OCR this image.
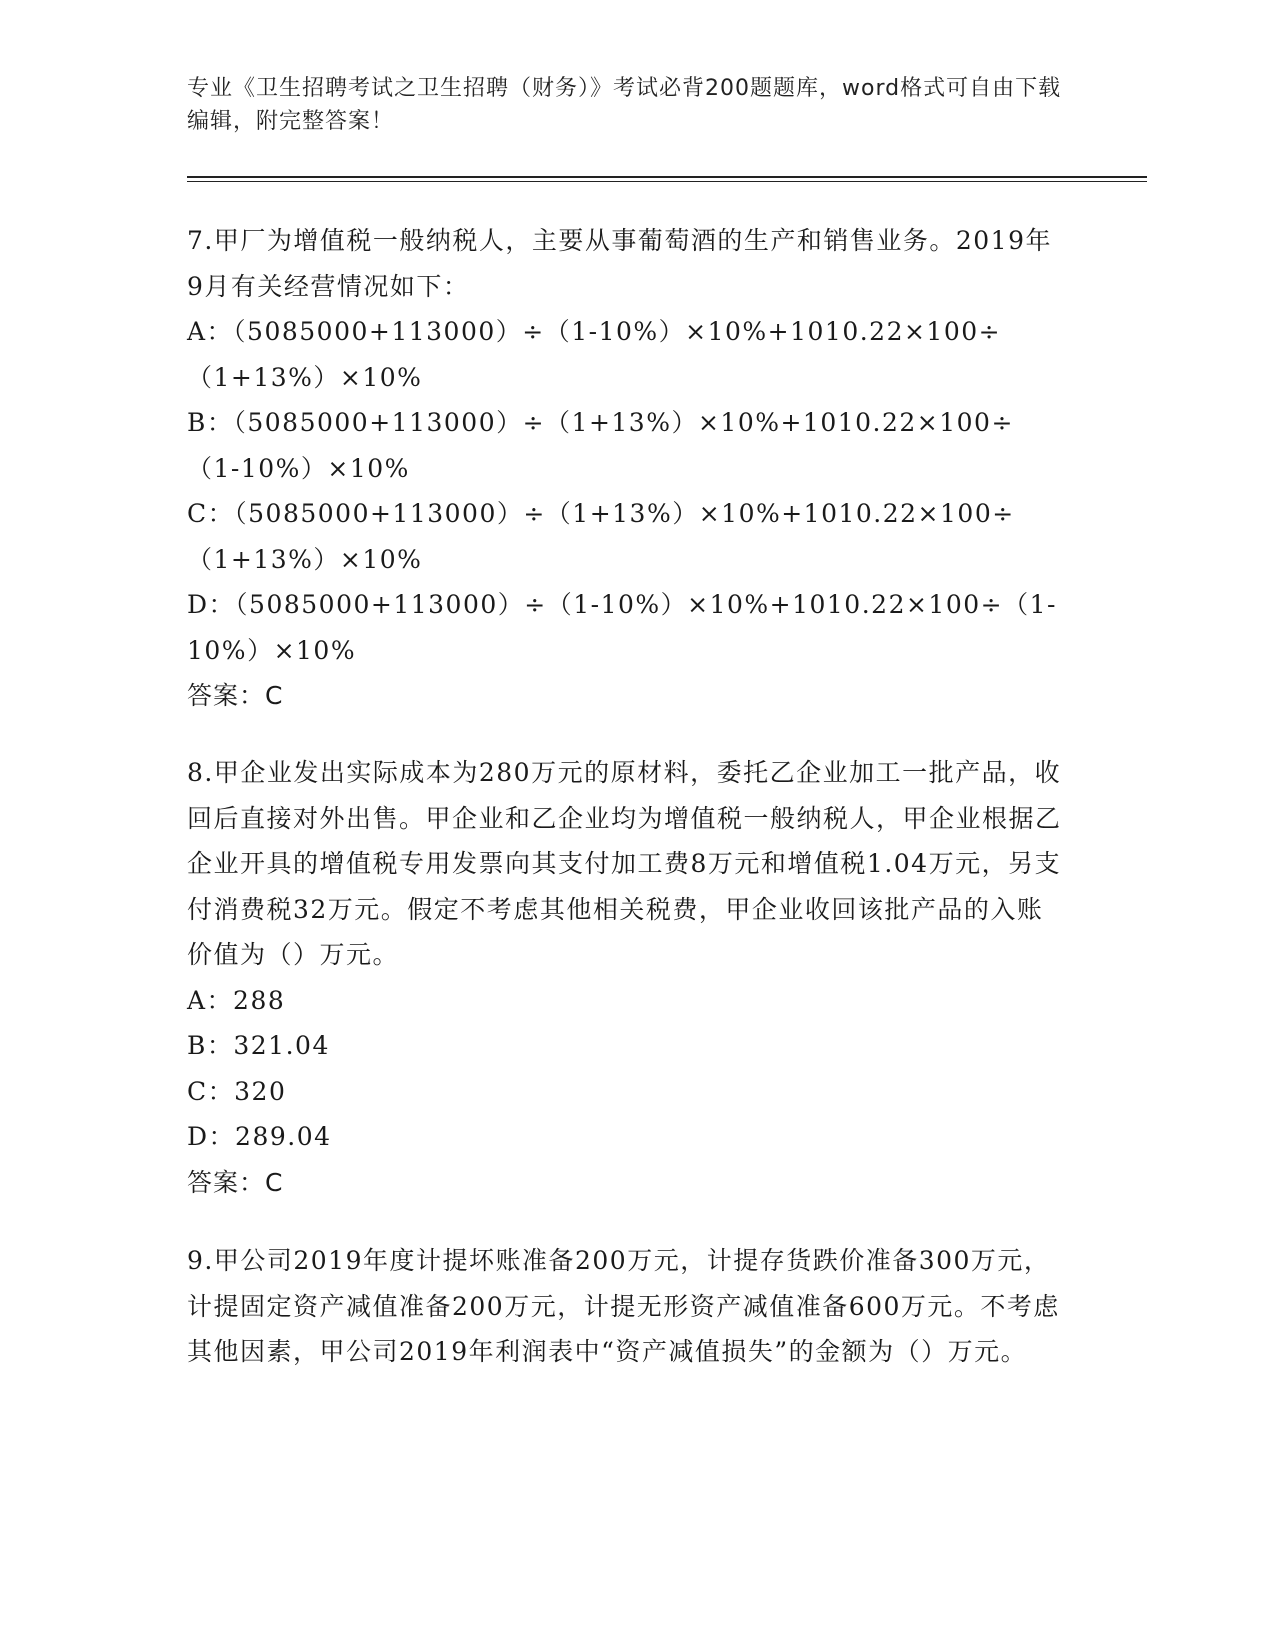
专业《卫生招聘考试之卫生招聘（财务）》考试必背200题题库，word格式可自由下载编辑，附完整答案！

7.甲厂为增值税一般纳税人，主要从事葡萄酒的生产和销售业务。2019年9月有关经营情况如下：

A：（5085000+113000）÷（1-10%）×10%+1010.22×100÷（1+13%）×10%

B：（5085000+113000）÷（1+13%）×10%+1010.22×100÷（1-10%）×10%

C：（5085000+113000）÷（1+13%）×10%+1010.22×100÷（1+13%）×10%

D：（5085000+113000）÷（1-10%）×10%+1010.22×100÷（1-10%）×10%

答案：C

8.甲企业发出实际成本为280万元的原材料，委托乙企业加工一批产品，收回后直接对外出售。甲企业和乙企业均为增值税一般纳税人，甲企业根据乙企业开具的增值税专用发票向其支付加工费8万元和增值税1.04万元，另支付消费税32万元。假定不考虑其他相关税费，甲企业收回该批产品的入账价值为（）万元。

A：288

B：321.04

C：320

D：289.04

答案：C

9.甲公司2019年度计提坏账准备200万元，计提存货跌价准备300万元，计提固定资产减值准备200万元，计提无形资产减值准备600万元。不考虑其他因素，甲公司2019年利润表中“资产减值损失”的金额为（）万元。
